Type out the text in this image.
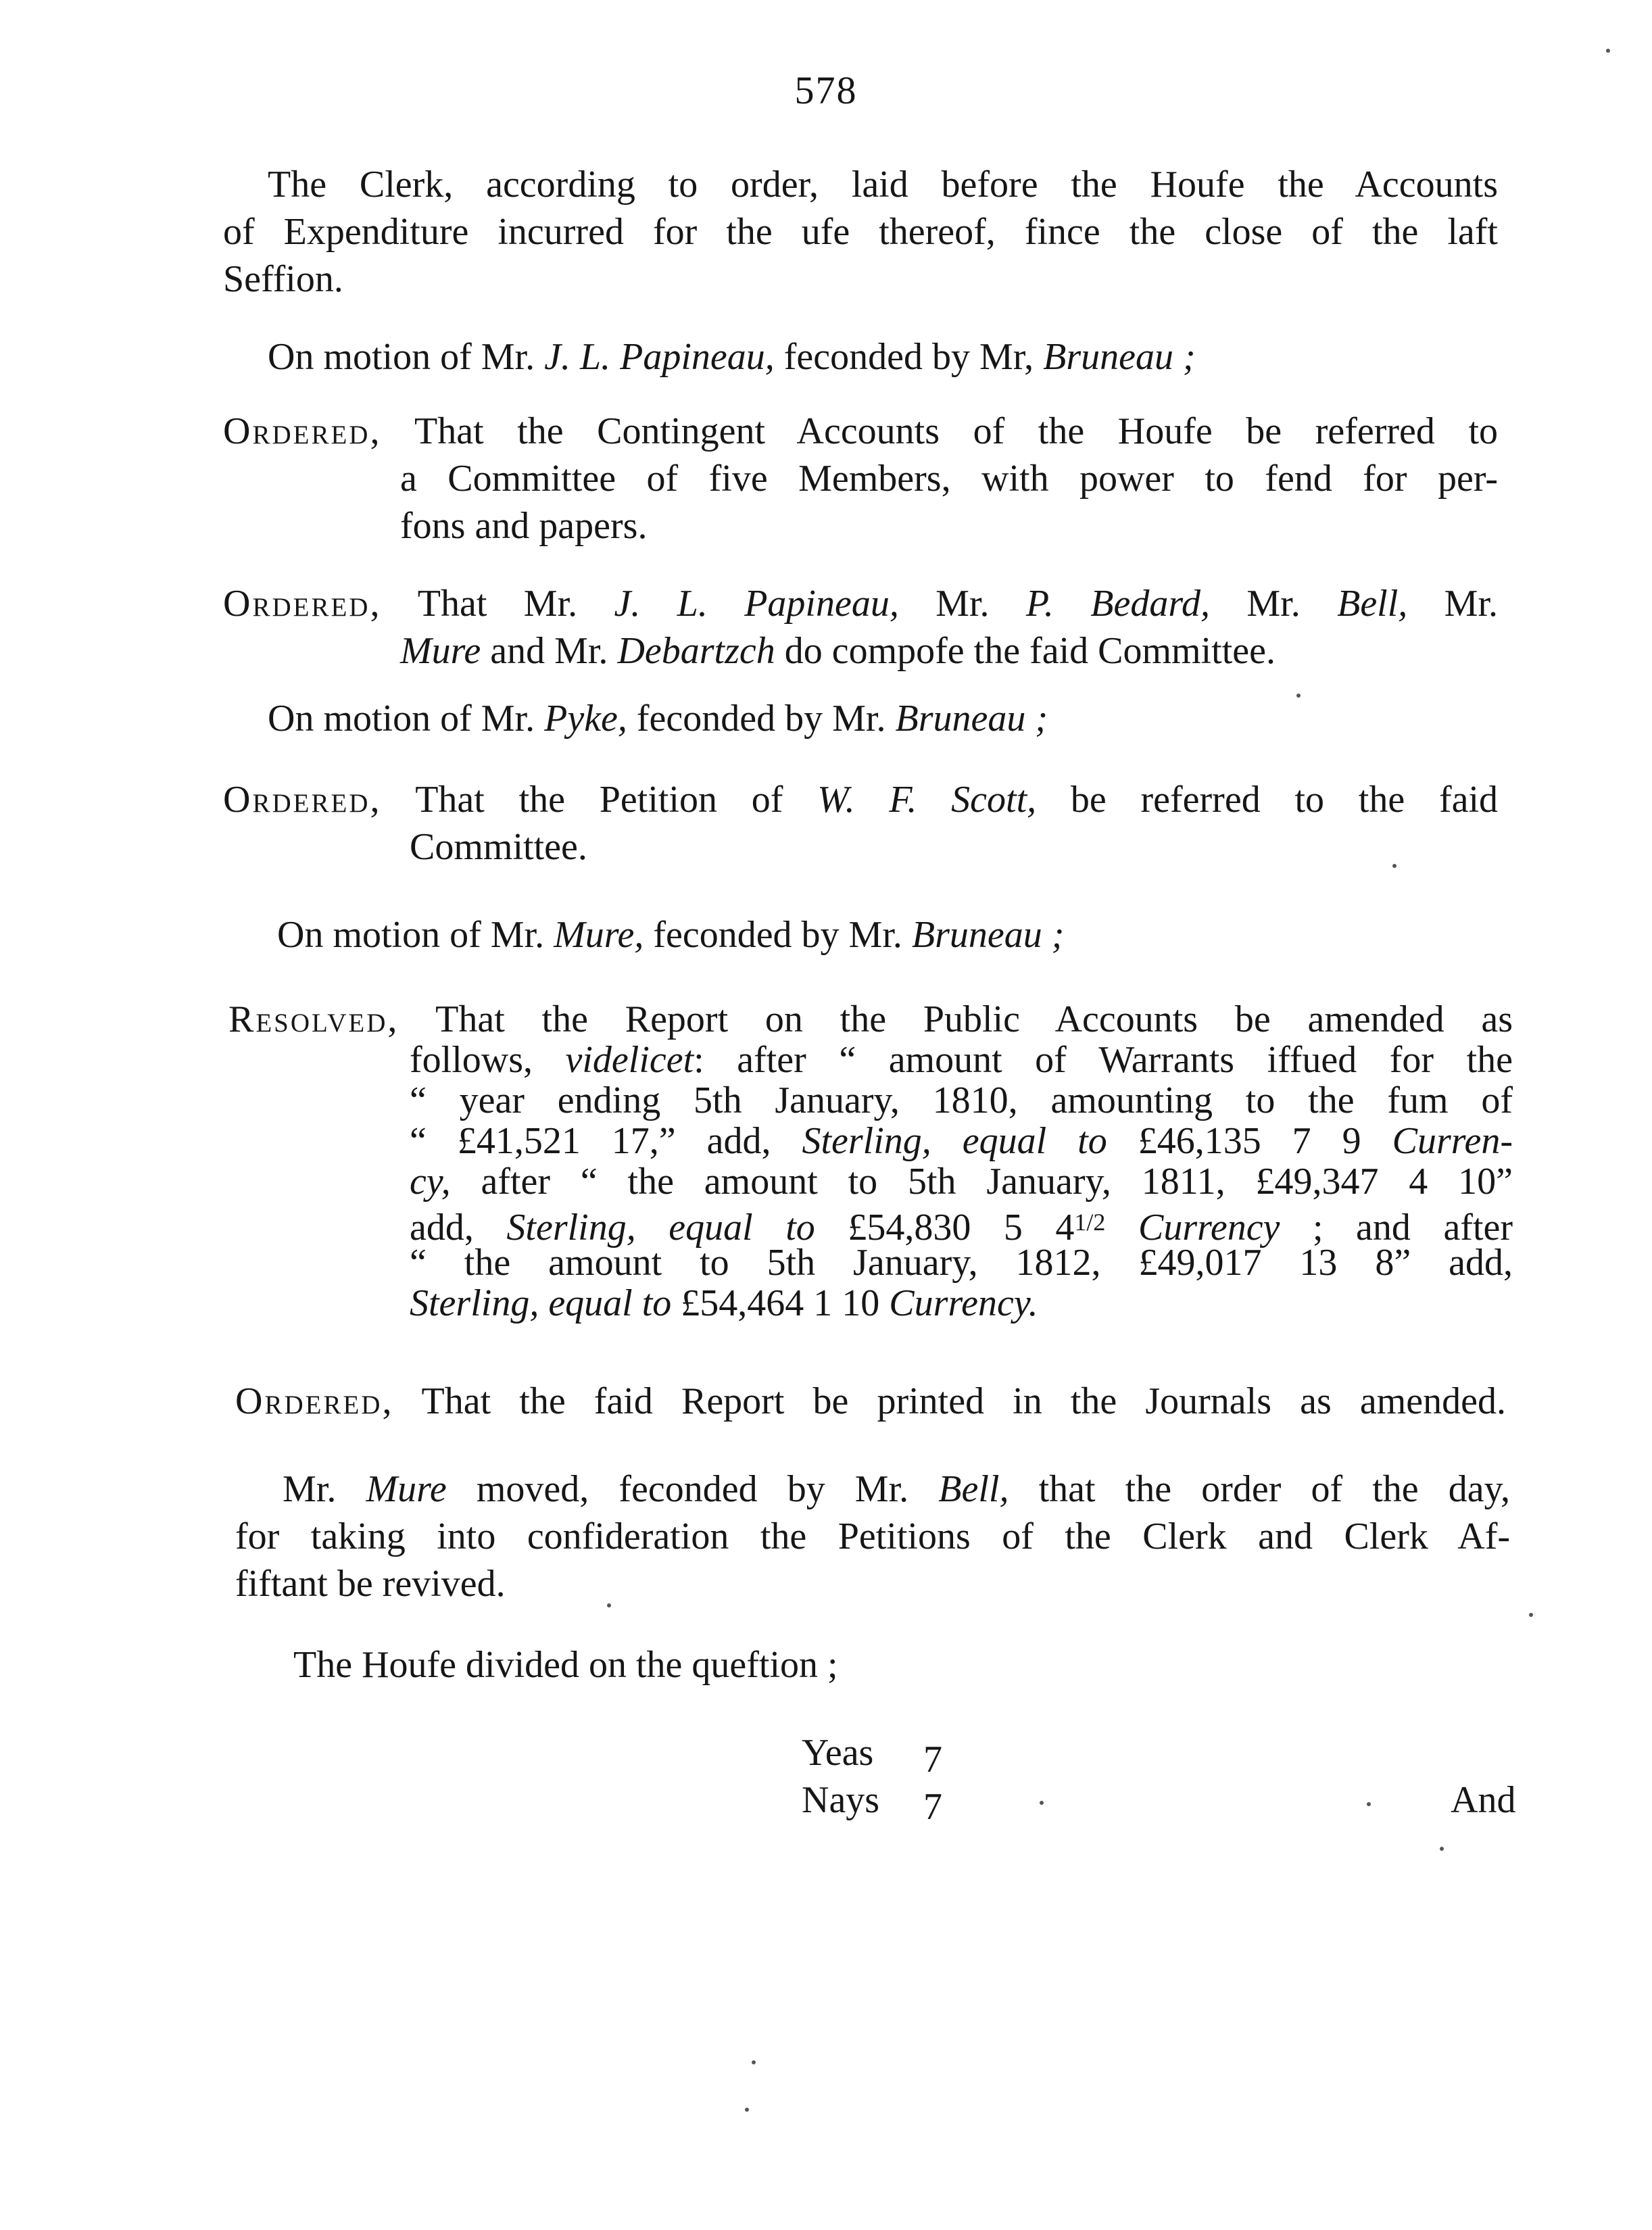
578
The Clerk, according to order, laid before the Houfe the Accounts
of Expenditure incurred for the ufe thereof, fince the close of the laft
Seffion.
On motion of Mr. J. L. Papineau, feconded by Mr, Bruneau ;
Ordered, That the Contingent Accounts of the Houfe be referred to
a Committee of five Members, with power to fend for per-
fons and papers.
Ordered, That Mr. J. L. Papineau, Mr. P. Bedard, Mr. Bell, Mr.
Mure and Mr. Debartzch do compofe the faid Committee.
On motion of Mr. Pyke, feconded by Mr. Bruneau ;
Ordered, That the Petition of W. F. Scott, be referred to the faid
Committee.
On motion of Mr. Mure, feconded by Mr. Bruneau ;
Resolved, That the Report on the Public Accounts be amended as
follows, videlicet: after “ amount of Warrants iffued for the
“ year ending 5th January, 1810, amounting to the fum of
“ £41,521 17,” add, Sterling, equal to £46,135 7 9 Curren-
cy, after “ the amount to 5th January, 1811, £49,347 4 10”
add, Sterling, equal to £54,830 5 $4^{1/2}$ Currency ; and after
“ the amount to 5th January, 1812, £49,017 13 8” add,
Sterling, equal to £54,464 1 10 Currency.
Ordered, That the faid Report be printed in the Journals as amended.
Mr. Mure moved, feconded by Mr. Bell, that the order of the day,
for taking into confideration the Petitions of the Clerk and Clerk Af-
fiftant be revived.
The Houfe divided on the queftion ;
Yeas 7
Nays 7	And
